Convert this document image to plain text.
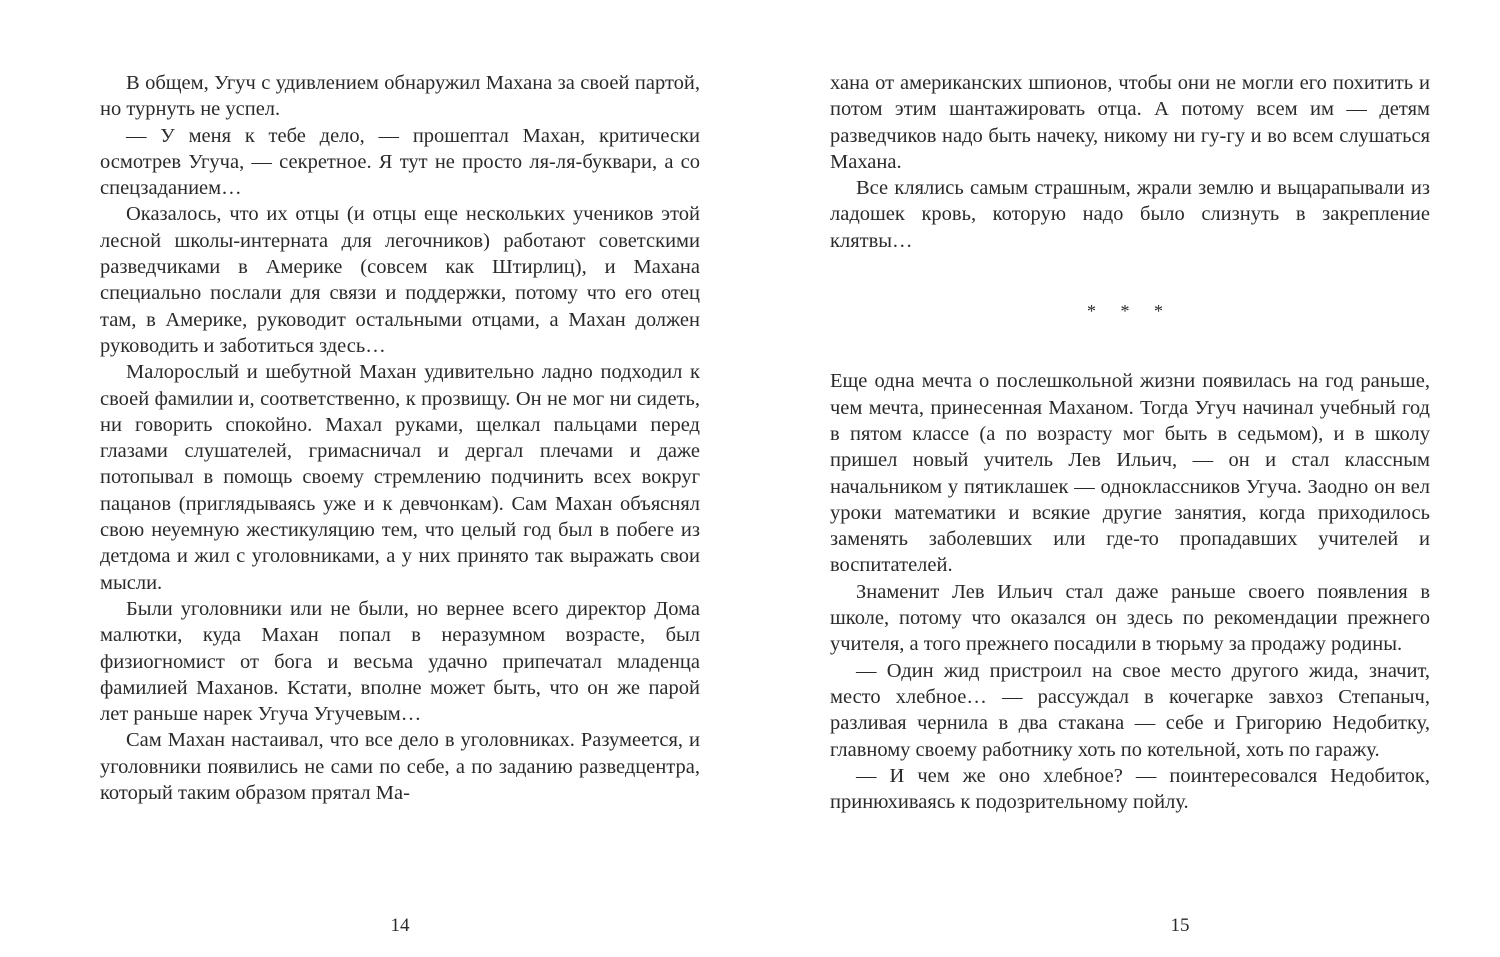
В общем, Угуч с удивлением обнаружил Махана за своей партой, но турнуть не успел.

— У меня к тебе дело, — прошептал Махан, критически осмотрев Угуча, — секретное. Я тут не просто ля-ля-буквари, а со спецзаданием…

Оказалось, что их отцы (и отцы еще нескольких учеников этой лесной школы-интерната для легочников) работают советскими разведчиками в Америке (совсем как Штирлиц), и Махана специально послали для связи и поддержки, потому что его отец там, в Америке, руководит остальными отцами, а Махан должен руководить и заботиться здесь…

Малорослый и шебутной Махан удивительно ладно подходил к своей фамилии и, соответственно, к прозвищу. Он не мог ни сидеть, ни говорить спокойно. Махал руками, щелкал пальцами перед глазами слушателей, гримасничал и дергал плечами и даже потопывал в помощь своему стремлению подчинить всех вокруг пацанов (приглядываясь уже и к девчонкам). Сам Махан объяснял свою неуемную жестикуляцию тем, что целый год был в побеге из детдома и жил с уголовниками, а у них принято так выражать свои мысли.

Были уголовники или не были, но вернее всего директор Дома малютки, куда Махан попал в неразумном возрасте, был физиогномист от бога и весьма удачно припечатал младенца фамилией Маханов. Кстати, вполне может быть, что он же парой лет раньше нарек Угуча Угучевым…

Сам Махан настаивал, что все дело в уголовниках. Разумеется, и уголовники появились не сами по себе, а по заданию разведцентра, который таким образом прятал Ма-

14

хана от американских шпионов, чтобы они не могли его похитить и потом этим шантажировать отца. А потому всем им — детям разведчиков надо быть начеку, никому ни гу-гу и во всем слушаться Махана.

Все клялись самым страшным, жрали землю и выцарапывали из ладошек кровь, которую надо было слизнуть в закрепление клятвы…

* * *

Еще одна мечта о послешкольной жизни появилась на год раньше, чем мечта, принесенная Маханом. Тогда Угуч начинал учебный год в пятом классе (а по возрасту мог быть в седьмом), и в школу пришел новый учитель Лев Ильич, — он и стал классным начальником у пятиклашек — одноклассников Угуча. Заодно он вел уроки математики и всякие другие занятия, когда приходилось заменять заболевших или где-то пропадавших учителей и воспитателей.

Знаменит Лев Ильич стал даже раньше своего появления в школе, потому что оказался он здесь по рекомендации прежнего учителя, а того прежнего посадили в тюрьму за продажу родины.

— Один жид пристроил на свое место другого жида, значит, место хлебное… — рассуждал в кочегарке завхоз Степаныч, разливая чернила в два стакана — себе и Григорию Недобитку, главному своему работнику хоть по котельной, хоть по гаражу.

— И чем же оно хлебное? — поинтересовался Недобиток, принюхиваясь к подозрительному пойлу.

15
